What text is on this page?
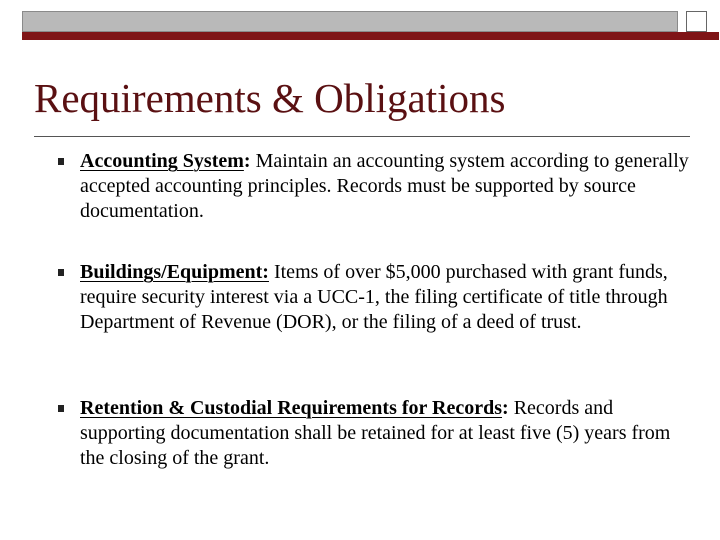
Requirements & Obligations
Accounting System: Maintain an accounting system according to generally accepted accounting principles. Records must be supported by source documentation.
Buildings/Equipment: Items of over $5,000 purchased with grant funds, require security interest via a UCC-1, the filing certificate of title through Department of Revenue (DOR), or the filing of a deed of trust.
Retention & Custodial Requirements for Records: Records and supporting documentation shall be retained for at least five (5) years from the closing of the grant.
